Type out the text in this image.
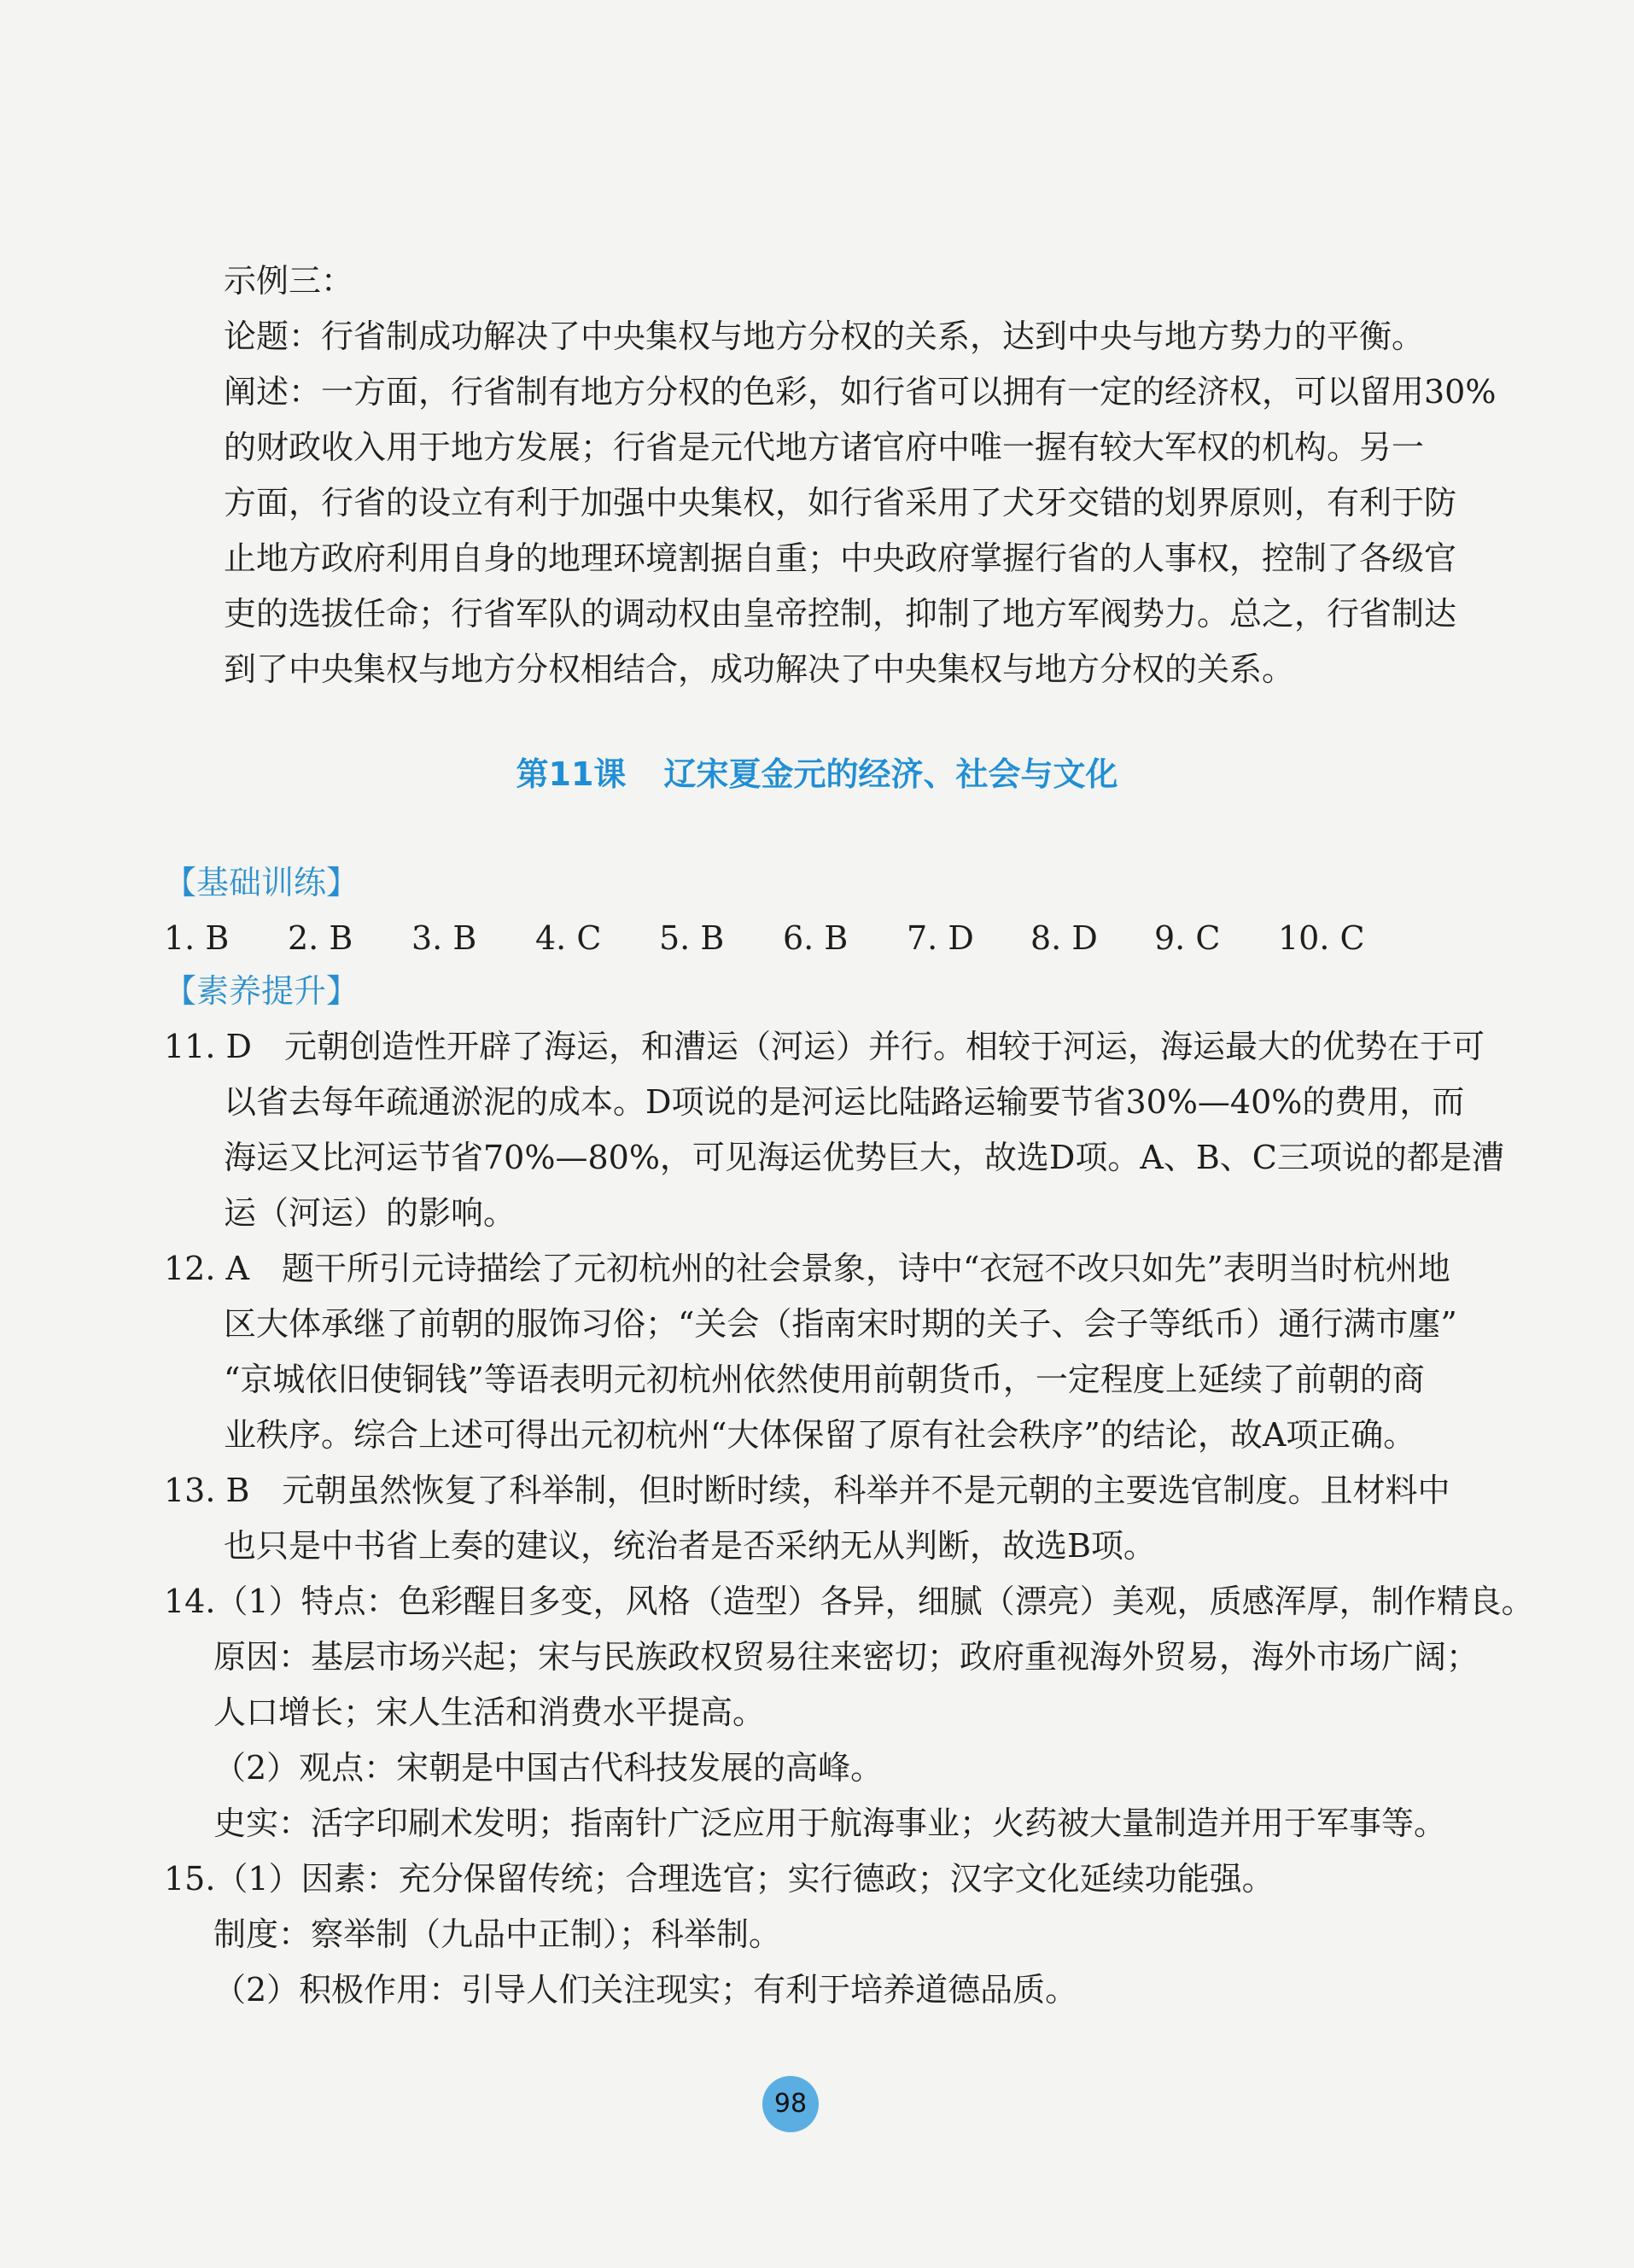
示例三：

论题：行省制成功解决了中央集权与地方分权的关系，达到中央与地方势力的平衡。

阐述：一方面，行省制有地方分权的色彩，如行省可以拥有一定的经济权，可以留用30%

的财政收入用于地方发展；行省是元代地方诸官府中唯一握有较大军权的机构。另一

方面，行省的设立有利于加强中央集权，如行省采用了犬牙交错的划界原则，有利于防

止地方政府利用自身的地理环境割据自重；中央政府掌握行省的人事权，控制了各级官

吏的选拔任命；行省军队的调动权由皇帝控制，抑制了地方军阀势力。总之，行省制达

到了中央集权与地方分权相结合，成功解决了中央集权与地方分权的关系。

第11课 辽宋夏金元的经济、社会与文化

【基础训练】

1. B 2. B 3. B 4. C 5. B 6. B 7. D 8. D 9. C 10. C

【素养提升】

11. D　元朝创造性开辟了海运，和漕运（河运）并行。相较于河运，海运最大的优势在于可

以省去每年疏通淤泥的成本。D项说的是河运比陆路运输要节省30%—40%的费用，而

海运又比河运节省70%—80%，可见海运优势巨大，故选D项。A、B、C三项说的都是漕

运（河运）的影响。

12. A　题干所引元诗描绘了元初杭州的社会景象，诗中“衣冠不改只如先”表明当时杭州地

区大体承继了前朝的服饰习俗；“关会（指南宋时期的关子、会子等纸币）通行满市廛”

“京城依旧使铜钱”等语表明元初杭州依然使用前朝货币，一定程度上延续了前朝的商

业秩序。综合上述可得出元初杭州“大体保留了原有社会秩序”的结论，故A项正确。

13. B　元朝虽然恢复了科举制，但时断时续，科举并不是元朝的主要选官制度。且材料中

也只是中书省上奏的建议，统治者是否采纳无从判断，故选B项。

14.（1）特点：色彩醒目多变，风格（造型）各异，细腻（漂亮）美观，质感浑厚，制作精良。

原因：基层市场兴起；宋与民族政权贸易往来密切；政府重视海外贸易，海外市场广阔；

人口增长；宋人生活和消费水平提高。

（2）观点：宋朝是中国古代科技发展的高峰。

史实：活字印刷术发明；指南针广泛应用于航海事业；火药被大量制造并用于军事等。

15.（1）因素：充分保留传统；合理选官；实行德政；汉字文化延续功能强。

制度：察举制（九品中正制）；科举制。

（2）积极作用：引导人们关注现实；有利于培养道德品质。

98
